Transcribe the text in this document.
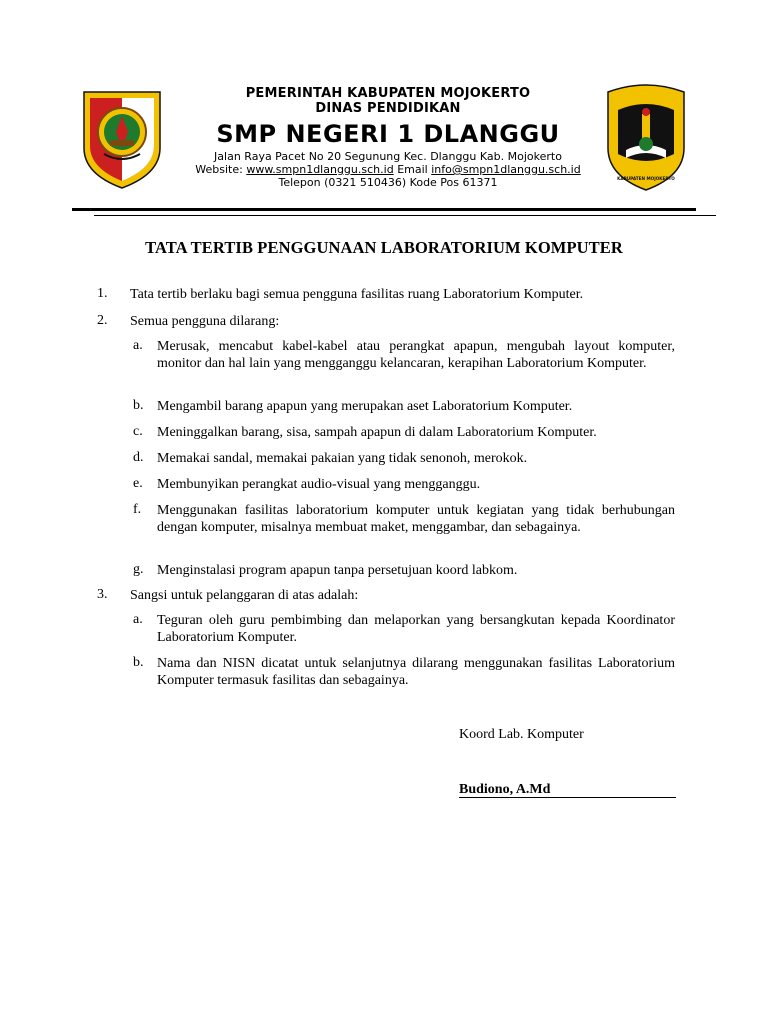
KABUPATEN MOJOKERTO
PEMERINTAH KABUPATEN MOJOKERTO
DINAS PENDIDIKAN
SMP NEGERI 1 DLANGGU
Jalan Raya Pacet No 20 Segunung Kec. Dlanggu Kab. Mojokerto
Website: www.smpn1dlanggu.sch.id Email info@smpn1dlanggu.sch.id
Telepon (0321 510436) Kode Pos 61371
TATA TERTIB PENGGUNAAN LABORATORIUM KOMPUTER
1. Tata tertib berlaku bagi semua pengguna fasilitas ruang Laboratorium Komputer.
2. Semua pengguna dilarang:
a. Merusak, mencabut kabel-kabel atau perangkat apapun, mengubah layout komputer, monitor dan hal lain yang mengganggu kelancaran, kerapihan Laboratorium Komputer.
b. Mengambil barang apapun yang merupakan aset Laboratorium Komputer.
c. Meninggalkan barang, sisa, sampah apapun di dalam Laboratorium Komputer.
d. Memakai sandal, memakai pakaian yang tidak senonoh, merokok.
e. Membunyikan perangkat audio-visual yang mengganggu.
f. Menggunakan fasilitas laboratorium komputer untuk kegiatan yang tidak berhubungan dengan komputer, misalnya membuat maket, menggambar, dan sebagainya.
g. Menginstalasi program apapun tanpa persetujuan koord labkom.
3. Sangsi untuk pelanggaran di atas adalah:
a. Teguran oleh guru pembimbing dan melaporkan yang bersangkutan kepada Koordinator Laboratorium Komputer.
b. Nama dan NISN dicatat untuk selanjutnya dilarang menggunakan fasilitas Laboratorium Komputer termasuk fasilitas dan sebagainya.
Koord Lab. Komputer
Budiono, A.Md
